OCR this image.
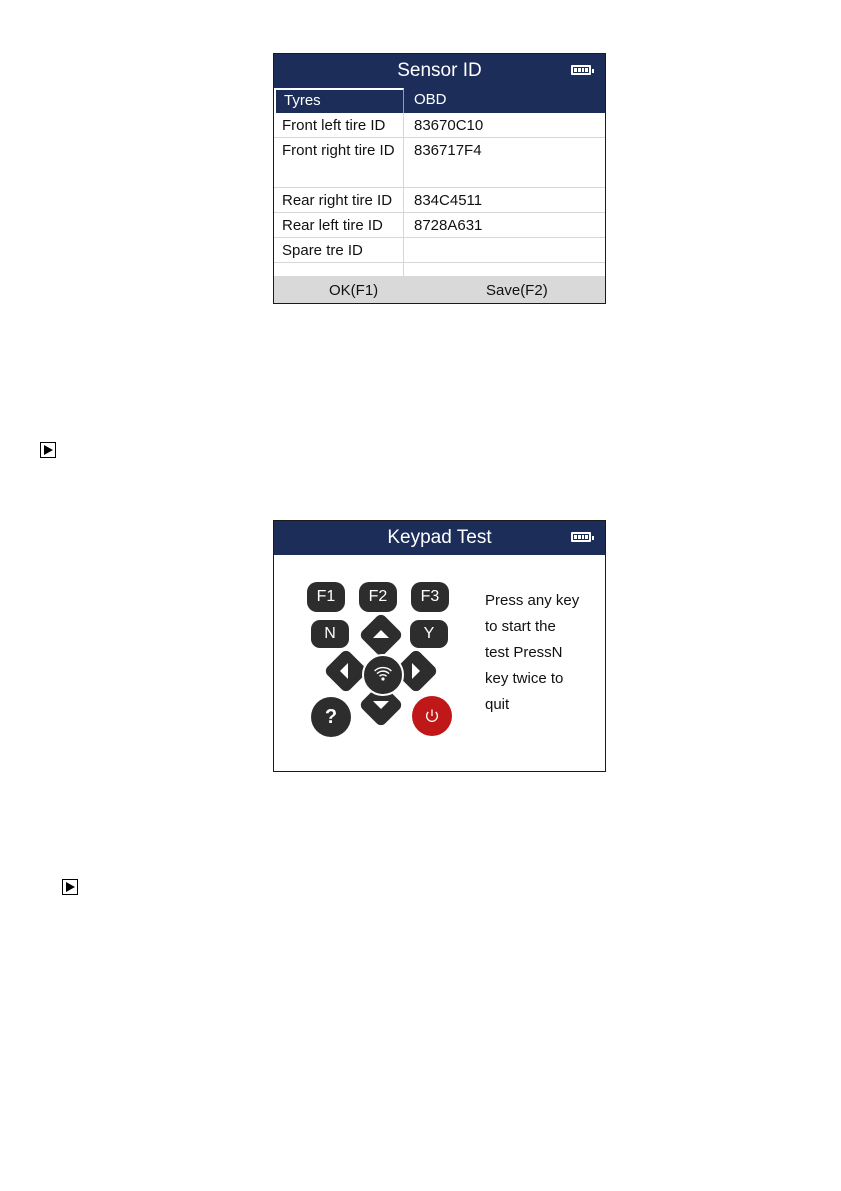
Sensor ID
Tyres	OBD
Front left tire ID	83670C10
Front right tire ID	836717F4
Rear right tire ID	834C4511
Rear left tire ID	8728A631
Spare tre ID
OK(F1)	Save(F2)
Keypad Test
F1	F2	F3
N	Y
?
Press any key
to start the
test PressN
key twice to
quit
